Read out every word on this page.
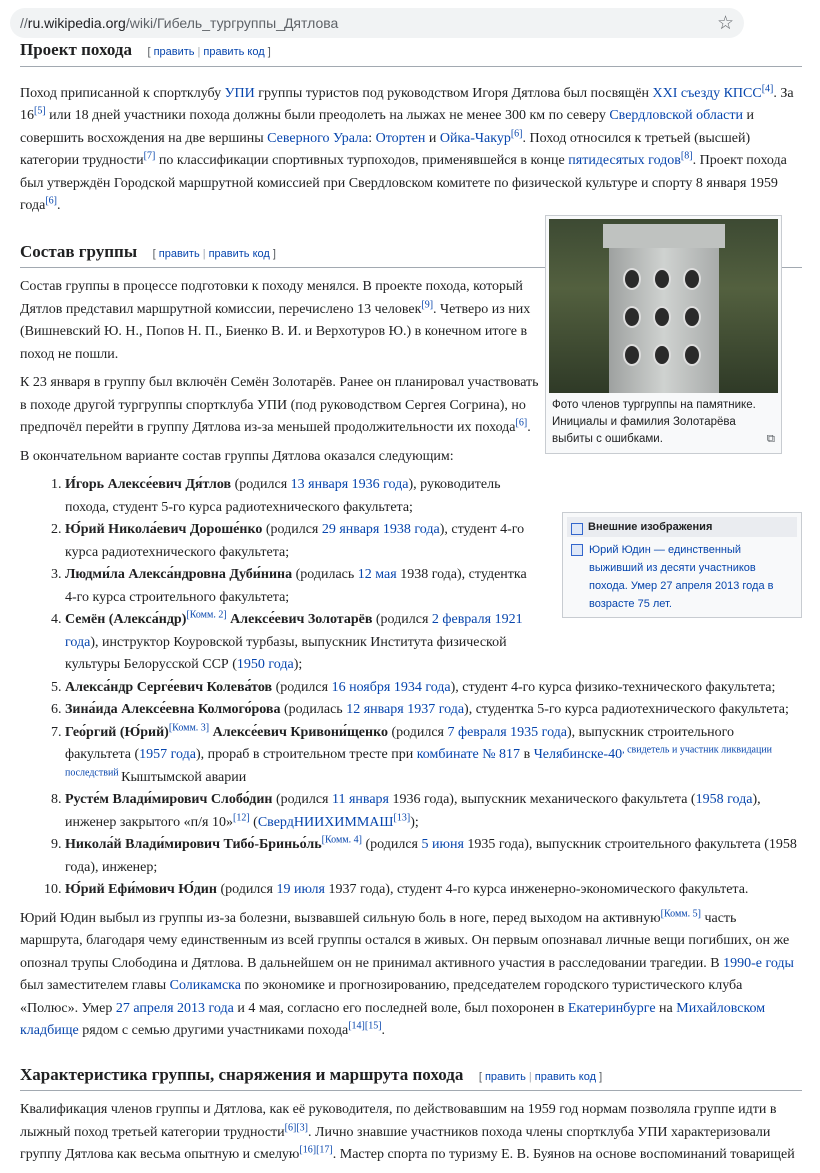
// ru.wikipedia.org /wiki/Гибель_тургруппы_Дятлова	☆
Проект похода [ править | править код ]

Поход приписанной к спортклубу УПИ группы туристов под руководством Игоря Дятлова был посвящён XXI съезду КПСС[4]. За 16[5] или 18 дней участники похода должны были преодолеть на лыжах не менее 300 км по северу Свердловской области и совершить восхождения на две вершины Северного Урала: Отортен и Ойка-Чакур[6]. Поход относился к третьей (высшей) категории трудности[7] по классификации спортивных турпоходов, применявшейся в конце пятидесятых годов[8]. Проект похода был утверждён Городской маршрутной комиссией при Свердловском комитете по физической культуре и спорту 8 января 1959 года[6].

Состав группы [ править | править код ]

Состав группы в процессе подготовки к походу менялся. В проекте похода, который Дятлов представил маршрутной комиссии, перечислено 13 человек[9]. Четверо из них (Вишневский Ю. Н., Попов Н. П., Биенко В. И. и Верхотуров Ю.) в конечном итоге в поход не пошли.

К 23 января в группу был включён Семён Золотарёв. Ранее он планировал участвовать в походе другой тургруппы спортклуба УПИ (под руководством Сергея Согрина), но предпочёл перейти в группу Дятлова из-за меньшей продолжительности их похода[6].

В окончательном варианте состав группы Дятлова оказался следующим:

1. И́горь Алексе́евич Дя́тлов (родился 13 января 1936 года), руководитель похода, студент 5-го курса радиотехнического факультета;
2. Ю́рий Никола́евич Дороше́нко (родился 29 января 1938 года), студент 4-го курса радиотехнического факультета;
3. Людми́ла Алекса́ндровна Дуби́нина (родилась 12 мая 1938 года), студентка 4-го курса строительного факультета;
4. Семён (Алекса́ндр)[Комм. 2] Алексе́евич Золотарёв (родился 2 февраля 1921 года), инструктор Коуровской турбазы, выпускник Института физической культуры Белорусской ССР (1950 года);
5. Алекса́ндр Серге́евич Колева́тов (родился 16 ноября 1934 года), студент 4-го курса физико-технического факультета;
6. Зина́ида Алексе́евна Колмого́рова (родилась 12 января 1937 года), студентка 5-го курса радиотехнического факультета;
7. Гео́ргий (Ю́рий)[Комм. 3] Алексе́евич Кривони́щенко (родился 7 февраля 1935 года), выпускник строительного факультета (1957 года), прораб в строительном тресте при комбинате № 817 в Челябинске-$40^{, свидетель и участник ликвидации последствий}$ Кыштымской аварии
8. Русте́м Влади́мирович Слобо́дин (родился 11 января 1936 года), выпускник механического факультета (1958 года), инженер закрытого «п/я 10»[12] (СвердНИИХИММАШ[13]);
9. Никола́й Влади́мирович Тибо́-Бриньо́ль[Комм. 4] (родился 5 июня 1935 года), выпускник строительного факультета (1958 года), инженер;
10. Ю́рий Ефи́мович Ю́дин (родился 19 июля 1937 года), студент 4-го курса инженерно-экономического факультета.

Юрий Юдин выбыл из группы из-за болезни, вызвавшей сильную боль в ноге, перед выходом на активную[Комм. 5] часть маршрута, благодаря чему единственным из всей группы остался в живых. Он первым опознавал личные вещи погибших, он же опознал трупы Слободина и Дятлова. В дальнейшем он не принимал активного участия в расследовании трагедии. В 1990-е годы был заместителем главы Соликамска по экономике и прогнозированию, председателем городского туристического клуба «Полюс». Умер 27 апреля 2013 года и 4 мая, согласно его последней воле, был похоронен в Екатеринбурге на Михайловском кладбище рядом с семью другими участниками похода[14][15].

Характеристика группы, снаряжения и маршрута похода [ править | править код ]

Квалификация членов группы и Дятлова, как её руководителя, по действовавшим на 1959 год нормам позволяла группе идти в лыжный поход третьей категории трудности[6][3]. Лично знавшие участников похода члены спортклуба УПИ характеризовали группу Дятлова как весьма опытную и смелую[16][17]. Мастер спорта по туризму Е. В. Буянов на основе воспоминаний товарищей

Фото членов тургруппы на памятнике. Инициалы и фамилия Золотарёва выбиты с ошибками.	⧉
Внешние изображения
Юрий Юдин — единственный выживший из десяти участников похода. Умер 27 апреля 2013 года в возрасте 75 лет.
